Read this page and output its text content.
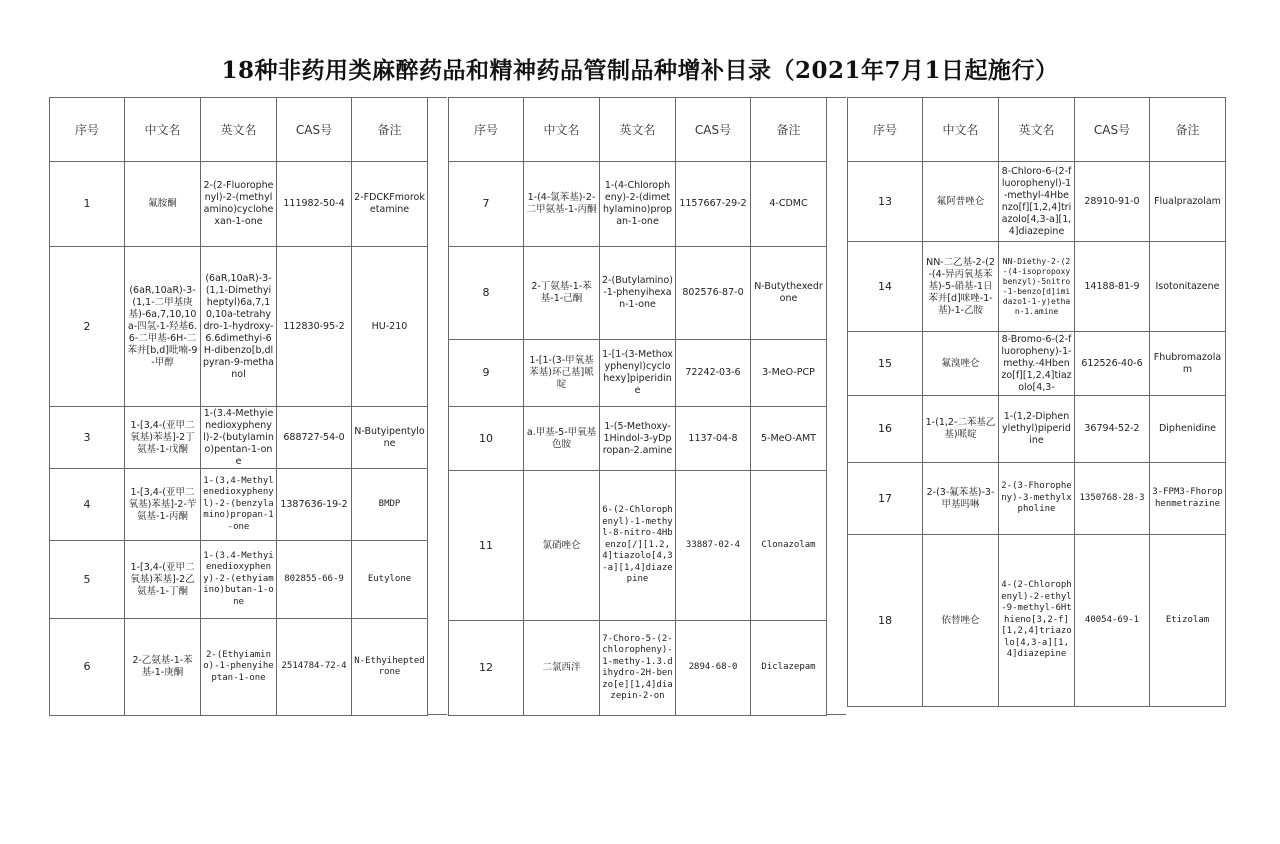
18种非药用类麻醉药品和精神药品管制品种增补目录（2021年7月1日起施行）
序号	中文名	英文名	CAS号	备注
1	氟胺酮	2-(2-Fluorophenyl)-2-(methylamino)cyclohexan-1-one	111982-50-4	2-FDCKFmoroketamine
2	(6aR,10aR)-3-(1,1-二甲基庚基)-6a,7,10,10a-四氢-1-羟基6.6-二甲基-6H-二苯并[b,d]吡喃-9-甲醇	(6aR,10aR)-3-(1,1-Dimethyiheptyl)6a,7,10,10a-tetrahydro-1-hydroxy-6.6dimethyi-6H-dibenzo[b,dlpyran-9-methanol	112830-95-2	HU-210
3	1-[3,4-(亚甲二氧基)苯基]-2丁氨基-1-戊酮	1-(3.4-Methyienedioxyphenyl)-2-(butylamino)pentan-1-one	688727-54-0	N-Butyipentylone
4	1-[3,4-(亚甲二氧基)苯基]-2-苄氨基-1-丙酮	1-(3,4-Methylenedioxyphenyl)-2-(benzylamino)propan-1-one	1387636-19-2	BMDP
5	1-[3,4-(亚甲二氧基)苯基]-2乙氨基-1-丁酮	1-(3.4-Methyienedioxypheny)-2-(ethyiamino)butan-1-one	802855-66-9	Eutylone
6	2-乙氨基-1-苯基-1-庚酮	2-(Ethyiamino)-1-phenyiheptan-1-one	2514784-72-4	N-Ethyiheptedrone
序号	中文名	英文名	CAS号	备注
7	1-(4-氯苯基)-2-二甲氨基-1-丙酮	1-(4-Chloropheny)-2-(dimethylamino)propan-1-one	1157667-29-2	4-CDMC
8	2-丁氨基-1-苯基-1-己酮	2-(Butylamino)-1-phenyihexan-1-one	802576-87-0	N-Butythexedrone
9	1-[1-(3-甲氧基苯基)环己基]哌啶	1-[1-(3-Methoxyphenyl)cyclohexy]piperidine	72242-03-6	3-MeO-PCP
10	a.甲基-5-甲氧基色胺	1-(5-Methoxy-1Hindol-3-yDpropan-2.amine	1137-04-8	5-MeO-AMT
11	氯硝唑仑	6-(2-Chlorophenyl)-1-methyl-8-nitro-4Hbenzo[/][1.2,4]tiazolo[4,3-a][1,4]diazepine	33887-02-4	Clonazolam
12	二氯西泮	7-Choro-5-(2-chloropheny)-1-methy-1.3.dihydro-2H-benzo[e][1,4]diazepin-2-on	2894-68-0	Diclazepam
序号	中文名	英文名	CAS号	备注
13	氟阿普唑仑	8-Chloro-6-(2-fluorophenyl)-1-methyl-4Hbenzo[f][1,2,4]triazolo[4,3-a][1,4]diazepine	28910-91-0	Flualprazolam
14	NN-二乙基-2-(2-(4-异丙氧基苯基)-5-硝基-1日苯并[d]咪唑-1-基)-1-乙胺	NN-Diethy-2-(2-(4-isopropoxybenzyl)-5nitro-1-benzo[d]imidazo1-1-y)ethan-1.amine	14188-81-9	Isotonitazene
15	氟溴唑仑	8-Bromo-6-(2-fluoropheny)-1-methy.-4Hbenzo[f][1,2,4]tiazolo[4,3-	612526-40-6	Fhubromazolam
16	1-(1,2-二苯基乙基)哌啶	1-(1,2-Diphenylethyl)piperidine	36794-52-2	Diphenidine
17	2-(3-氟苯基)-3-甲基吗啉	2-(3-Fhoropheny)-3-methylxpholine	1350768-28-3	3-FPM3-Fhorophenmetrazine
18	依替唑仑	4-(2-Chlorophenyl)-2-ethyl-9-methyl-6Hthieno[3,2-f][1,2,4]triazolo[4,3-a][1,4]diazepine	40054-69-1	Etizolam
